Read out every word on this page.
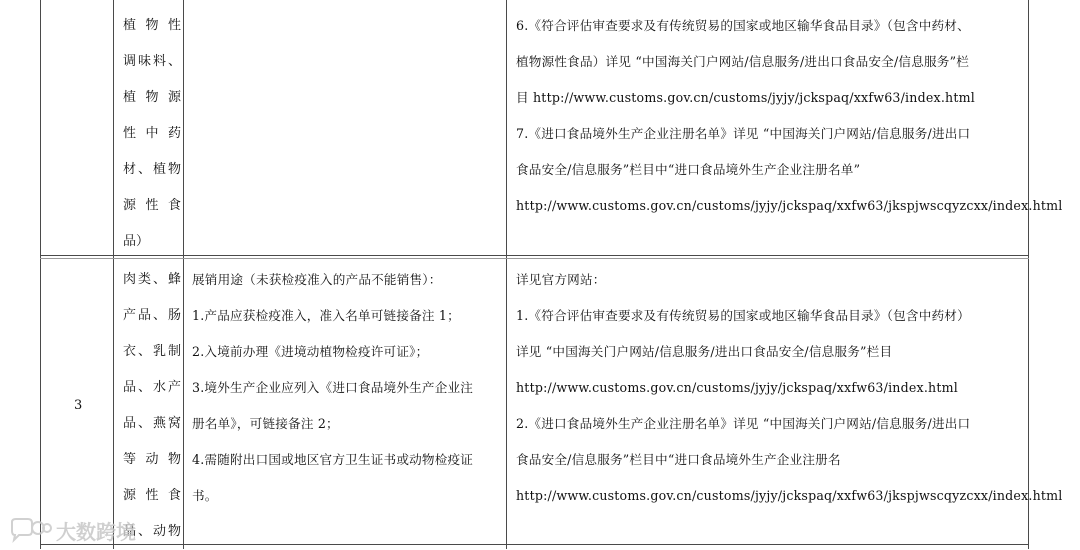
植物性
调味料、
植物源
性中药
材、植物
源性食
品）
6.《符合评估审查要求及有传统贸易的国家或地区输华食品目录》（包含中药材、
植物源性食品）详见 “中国海关门户网站/信息服务/进出口食品安全/信息服务”栏
目 http://www.customs.gov.cn/customs/jyjy/jckspaq/xxfw63/index.html
7.《进口食品境外生产企业注册名单》详见 “中国海关门户网站/信息服务/进出口
食品安全/信息服务”栏目中“进口食品境外生产企业注册名单”
http://www.customs.gov.cn/customs/jyjy/jckspaq/xxfw63/jkspjwscqyzcxx/index.html
3
肉类、蜂
产品、肠
衣、乳制
品、水产
品、燕窝
等动物
源性食
品、动物
展销用途（未获检疫准入的产品不能销售）：
1.产品应获检疫准入，准入名单可链接备注 1；
2.入境前办理《进境动植物检疫许可证》；
3.境外生产企业应列入《进口食品境外生产企业注
册名单》，可链接备注 2；
4.需随附出口国或地区官方卫生证书或动物检疫证
书。
详见官方网站：
1.《符合评估审查要求及有传统贸易的国家或地区输华食品目录》（包含中药材）
详见 “中国海关门户网站/信息服务/进出口食品安全/信息服务”栏目
http://www.customs.gov.cn/customs/jyjy/jckspaq/xxfw63/index.html
2.《进口食品境外生产企业注册名单》详见 “中国海关门户网站/信息服务/进出口
食品安全/信息服务”栏目中“进口食品境外生产企业注册名
http://www.customs.gov.cn/customs/jyjy/jckspaq/xxfw63/jkspjwscqyzcxx/index.html
大数跨境
